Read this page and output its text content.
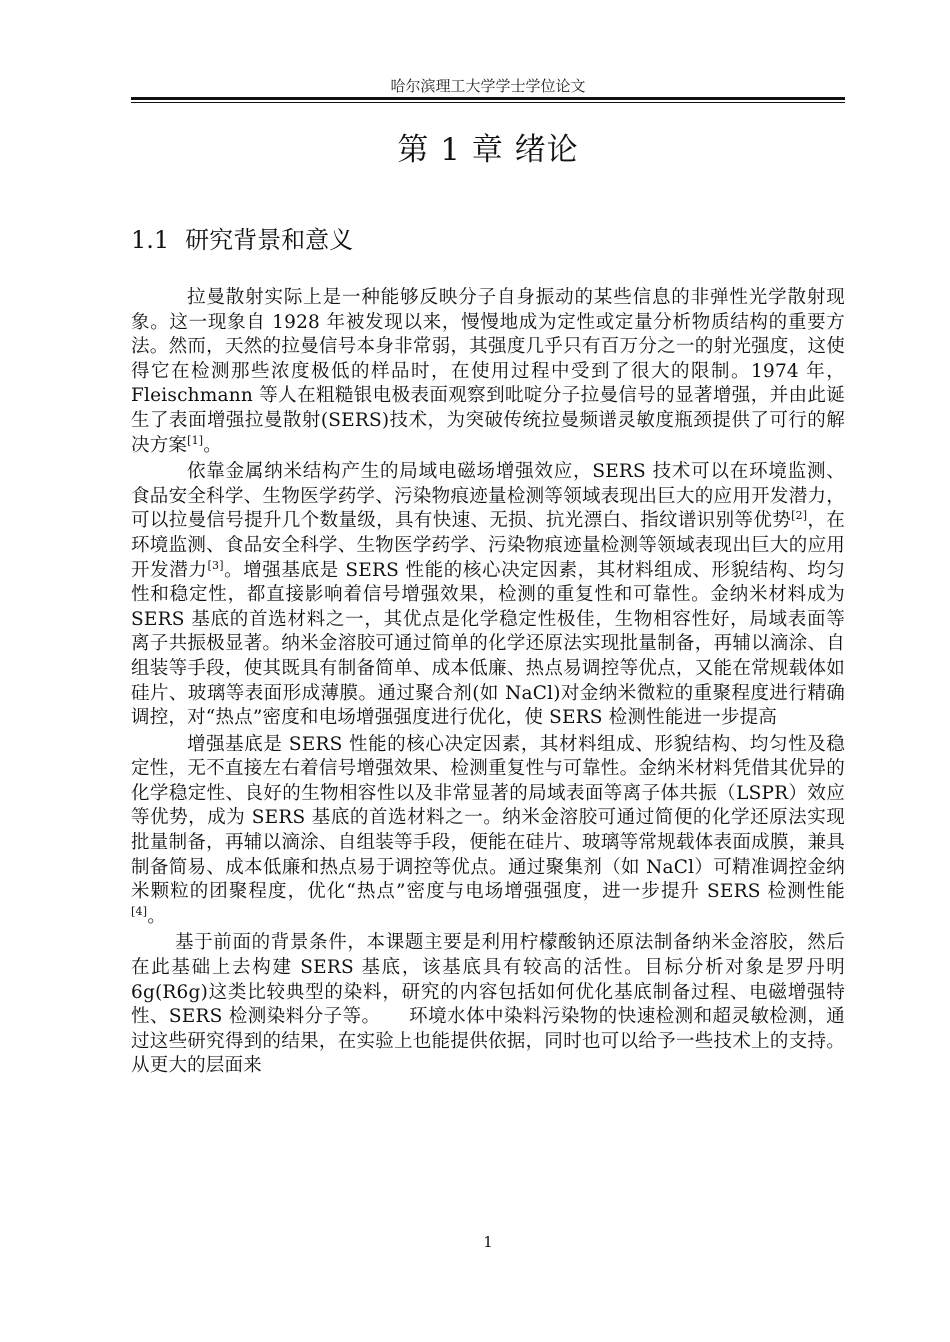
哈尔滨理工大学学士学位论文
第 1 章 绪论
1.1 研究背景和意义

拉曼散射实际上是一种能够反映分子自身振动的某些信息的非弹性光学散射现象。这一现象自 1928 年被发现以来，慢慢地成为定性或定量分析物质结构的重要方法。然而，天然的拉曼信号本身非常弱，其强度几乎只有百万分之一的射光强度，这使得它在检测那些浓度极低的样品时，在使用过程中受到了很大的限制。1974 年，Fleischmann 等人在粗糙银电极表面观察到吡啶分子拉曼信号的显著增强，并由此诞生了表面增强拉曼散射(SERS)技术，为突破传统拉曼频谱灵敏度瓶颈提供了可行的解决方案[1]。

依靠金属纳米结构产生的局域电磁场增强效应，SERS 技术可以在环境监测、食品安全科学、生物医学药学、污染物痕迹量检测等领域表现出巨大的应用开发潜力，可以拉曼信号提升几个数量级，具有快速、无损、抗光漂白、指纹谱识别等优势[2]，在环境监测、食品安全科学、生物医学药学、污染物痕迹量检测等领域表现出巨大的应用开发潜力[3]。增强基底是 SERS 性能的核心决定因素，其材料组成、形貌结构、均匀性和稳定性，都直接影响着信号增强效果，检测的重复性和可靠性。金纳米材料成为 SERS 基底的首选材料之一，其优点是化学稳定性极佳，生物相容性好，局域表面等离子共振极显著。纳米金溶胶可通过简单的化学还原法实现批量制备，再辅以滴涂、自组装等手段，使其既具有制备简单、成本低廉、热点易调控等优点，又能在常规载体如硅片、玻璃等表面形成薄膜。通过聚合剂(如 NaCl)对金纳米微粒的重聚程度进行精确调控，对“热点”密度和电场增强强度进行优化，使 SERS 检测性能进一步提高

增强基底是 SERS 性能的核心决定因素，其材料组成、形貌结构、均匀性及稳定性，无不直接左右着信号增强效果、检测重复性与可靠性。金纳米材料凭借其优异的化学稳定性、良好的生物相容性以及非常显著的局域表面等离子体共振（LSPR）效应等优势，成为 SERS 基底的首选材料之一。纳米金溶胶可通过简便的化学还原法实现批量制备，再辅以滴涂、自组装等手段，便能在硅片、玻璃等常规载体表面成膜，兼具制备简易、成本低廉和热点易于调控等优点。通过聚集剂（如 NaCl）可精准调控金纳米颗粒的团聚程度，优化“热点”密度与电场增强强度，进一步提升 SERS 检测性能[4]。

基于前面的背景条件，本课题主要是利用柠檬酸钠还原法制备纳米金溶胶，然后在此基础上去构建 SERS 基底，该基底具有较高的活性。目标分析对象是罗丹明 6g(R6g)这类比较典型的染料，研究的内容包括如何优化基底制备过程、电磁增强特性、SERS 检测染料分子等。　　环境水体中染料污染物的快速检测和超灵敏检测，通过这些研究得到的结果，在实验上也能提供依据，同时也可以给予一些技术上的支持。从更大的层面来

1
